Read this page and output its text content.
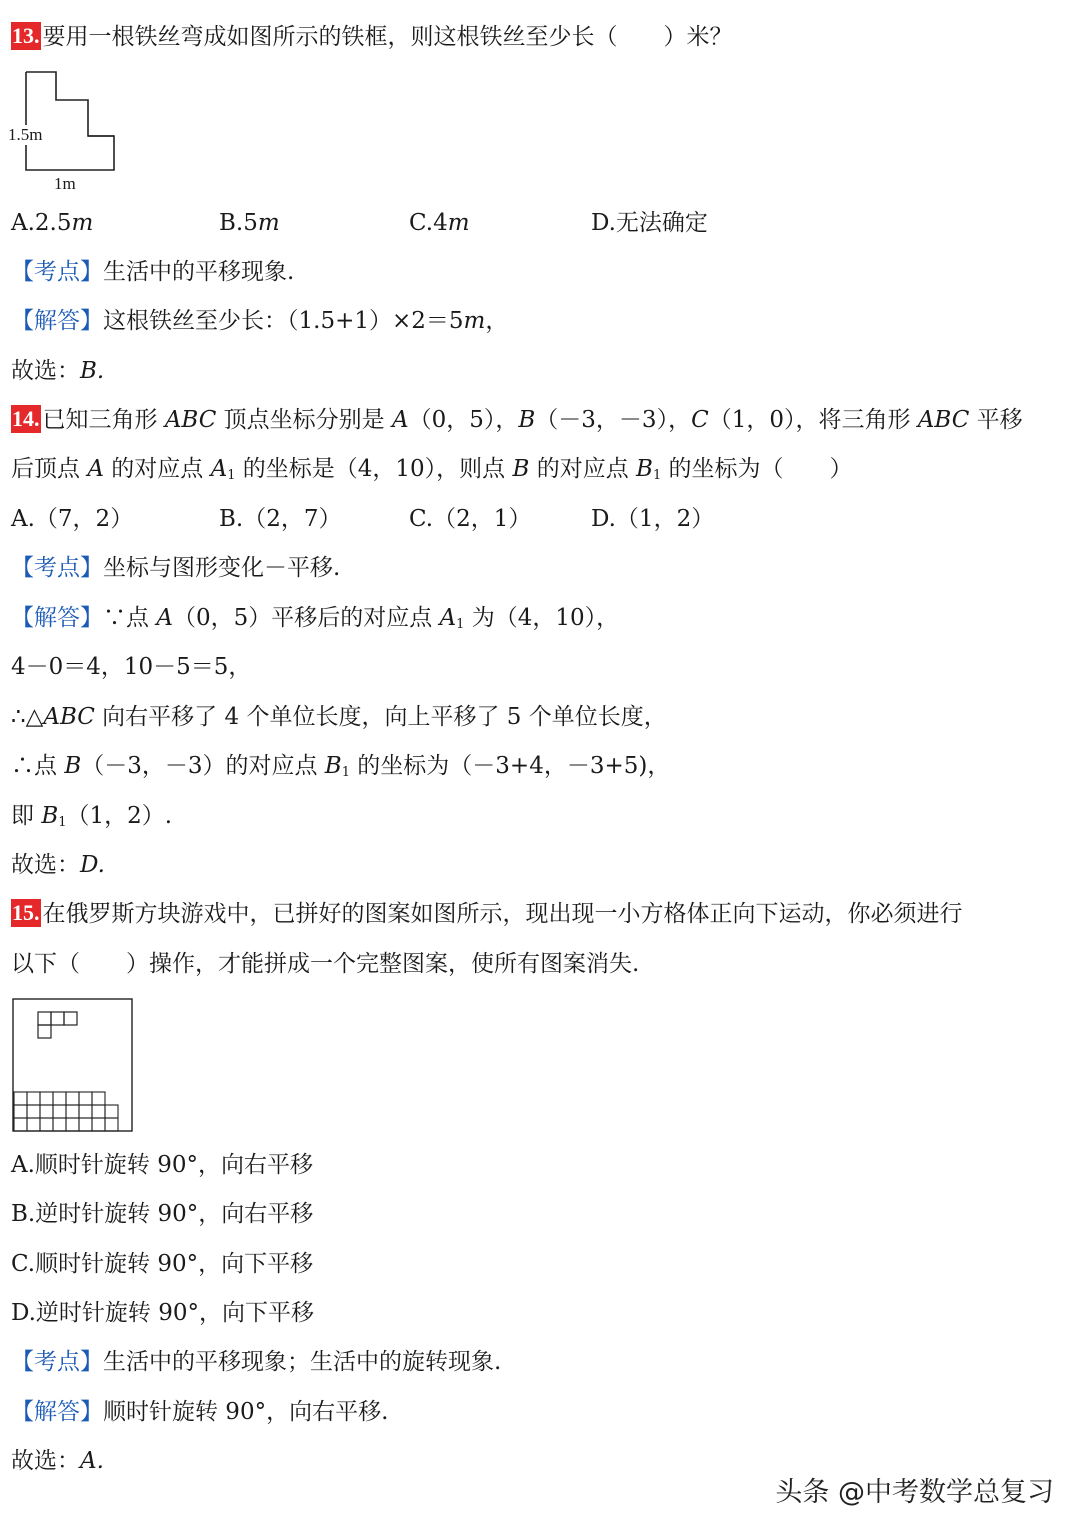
13. 要用一根铁丝弯成如图所示的铁框，则这根铁丝至少长（　　）米？
1.5m
1m
A.2.5m	B.5m	C.4m	D.无法确定
【考点】生活中的平移现象.
【解答】这根铁丝至少长：（1.5+1）×2＝5m，
故选：B.
14. 已知三角形 ABC 顶点坐标分别是 A（0，5），B（－3，－3），C（1，0），将三角形 ABC 平移
后顶点 A 的对应点 $A_1$ 的坐标是（4，10），则点 B 的对应点 $B_1$ 的坐标为（　　）
A.（7，2）	B.（2，7）	C.（2，1）	D.（1，2）
【考点】坐标与图形变化－平移.
【解答】∵点 A（0，5）平移后的对应点 $A_1$ 为（4，10），
4－0＝4，10－5＝5，
∴△ABC 向右平移了 4 个单位长度，向上平移了 5 个单位长度，
∴点 B（－3，－3）的对应点 $B_1$ 的坐标为（－3+4，－3+5)，
即 $B_1(1$，2）.
故选：D.
15. 在俄罗斯方块游戏中，已拼好的图案如图所示，现出现一小方格体正向下运动，你必须进行
以下（　　）操作，才能拼成一个完整图案，使所有图案消失.
A.顺时针旋转 90°，向右平移
B.逆时针旋转 90°，向右平移
C.顺时针旋转 90°，向下平移
D.逆时针旋转 90°，向下平移
【考点】生活中的平移现象；生活中的旋转现象.
【解答】顺时针旋转 90°，向右平移.
故选：A.
头条 @中考数学总复习
